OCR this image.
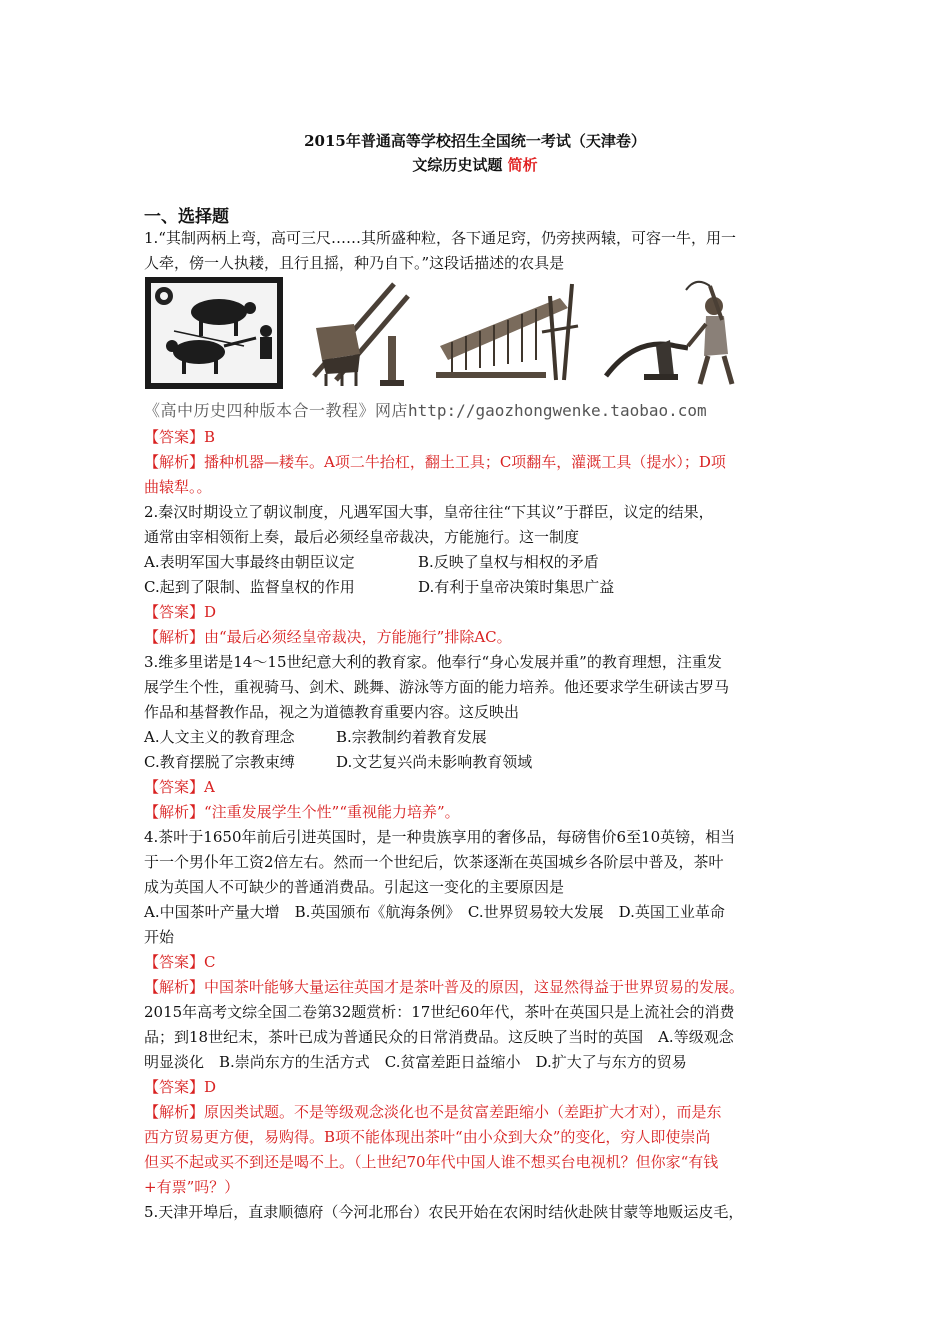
2015年普通高等学校招生全国统一考试（天津卷）
文综历史试题 简析
一、选择题
1.“其制两柄上弯，高可三尺……其所盛种粒，各下通足窍，仍旁挟两辕，可容一牛，用一
人牵，傍一人执耧，且行且摇，种乃自下。”这段话描述的农具是
《高中历史四种版本合一教程》网店http://gaozhongwenke.taobao.com
【答案】B
【解析】播种机器—耧车。A项二牛抬杠，翻土工具；C项翻车，灌溉工具（提水）；D项
曲辕犁。。
2.秦汉时期设立了朝议制度，凡遇军国大事，皇帝往往“下其议”于群臣，议定的结果，
通常由宰相领衔上奏，最后必须经皇帝裁决，方能施行。这一制度
A.表明军国大事最终由朝臣议定	B.反映了皇权与相权的矛盾
C.起到了限制、监督皇权的作用	D.有利于皇帝决策时集思广益
【答案】D
【解析】由“最后必须经皇帝裁决，方能施行”排除AC。
3.维多里诺是14～15世纪意大利的教育家。他奉行“身心发展并重”的教育理想，注重发
展学生个性，重视骑马、剑术、跳舞、游泳等方面的能力培养。他还要求学生研读古罗马
作品和基督教作品，视之为道德教育重要内容。这反映出
A.人文主义的教育理念	B.宗教制约着教育发展
C.教育摆脱了宗教束缚	D.文艺复兴尚未影响教育领域
【答案】A
【解析】“注重发展学生个性”“重视能力培养”。
4.茶叶于1650年前后引进英国时，是一种贵族享用的奢侈品，每磅售价6至10英镑，相当
于一个男仆年工资2倍左右。然而一个世纪后，饮茶逐渐在英国城乡各阶层中普及，茶叶
成为英国人不可缺少的普通消费品。引起这一变化的主要原因是
A.中国茶叶产量大增　B.英国颁布《航海条例》　C.世界贸易较大发展　D.英国工业革命
开始
【答案】C
【解析】中国茶叶能够大量运往英国才是茶叶普及的原因，这显然得益于世界贸易的发展。
2015年高考文综全国二卷第32题赏析：17世纪60年代，茶叶在英国只是上流社会的消费
品；到18世纪末，茶叶已成为普通民众的日常消费品。这反映了当时的英国　A.等级观念
明显淡化　B.崇尚东方的生活方式　C.贫富差距日益缩小　D.扩大了与东方的贸易
【答案】D
【解析】原因类试题。不是等级观念淡化也不是贫富差距缩小（差距扩大才对），而是东
西方贸易更方便，易购得。B项不能体现出茶叶“由小众到大众”的变化，穷人即使崇尚
但买不起或买不到还是喝不上。（上世纪70年代中国人谁不想买台电视机？但你家“有钱
+有票”吗？）
5.天津开埠后，直隶顺德府（今河北邢台）农民开始在农闲时结伙赴陕甘蒙等地贩运皮毛，
